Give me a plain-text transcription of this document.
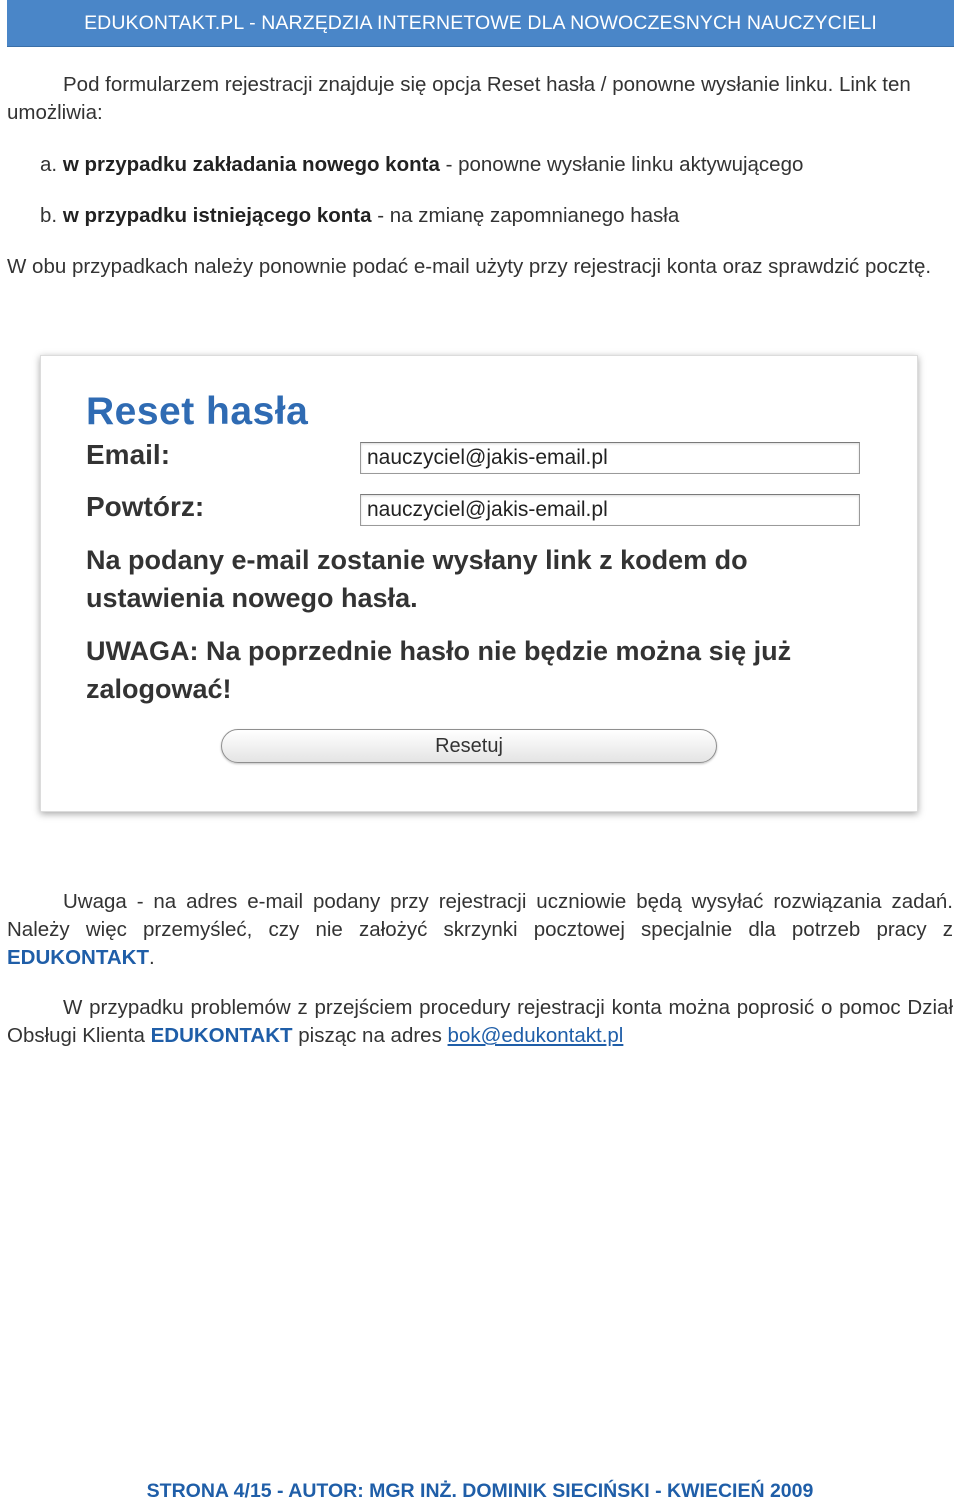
EDUKONTAKT.PL - NARZĘDZIA INTERNETOWE DLA NOWOCZESNYCH NAUCZYCIELI
Pod formularzem rejestracji znajduje się opcja Reset hasła / ponowne wysłanie linku. Link ten umożliwia:
a. w przypadku zakładania nowego konta - ponowne wysłanie linku aktywującego
b. w przypadku istniejącego konta - na zmianę zapomnianego hasła
W obu przypadkach należy ponownie podać e-mail użyty przy rejestracji konta oraz sprawdzić pocztę.
Reset hasła
Email:
nauczyciel@jakis-email.pl
Powtórz:
nauczyciel@jakis-email.pl
Na podany e-mail zostanie wysłany link z kodem do ustawienia nowego hasła.
UWAGA: Na poprzednie hasło nie będzie można się już zalogować!
Resetuj
Uwaga - na adres e-mail podany przy rejestracji uczniowie będą wysyłać rozwiązania zadań. Należy więc przemyśleć, czy nie założyć skrzynki pocztowej specjalnie dla potrzeb pracy z EDUKONTAKT.
W przypadku problemów z przejściem procedury rejestracji konta można poprosić o pomoc Dział Obsługi Klienta EDUKONTAKT pisząc na adres bok@edukontakt.pl
STRONA 4/15 - AUTOR: MGR INŻ. DOMINIK SIECIŃSKI - KWIECIEŃ 2009
